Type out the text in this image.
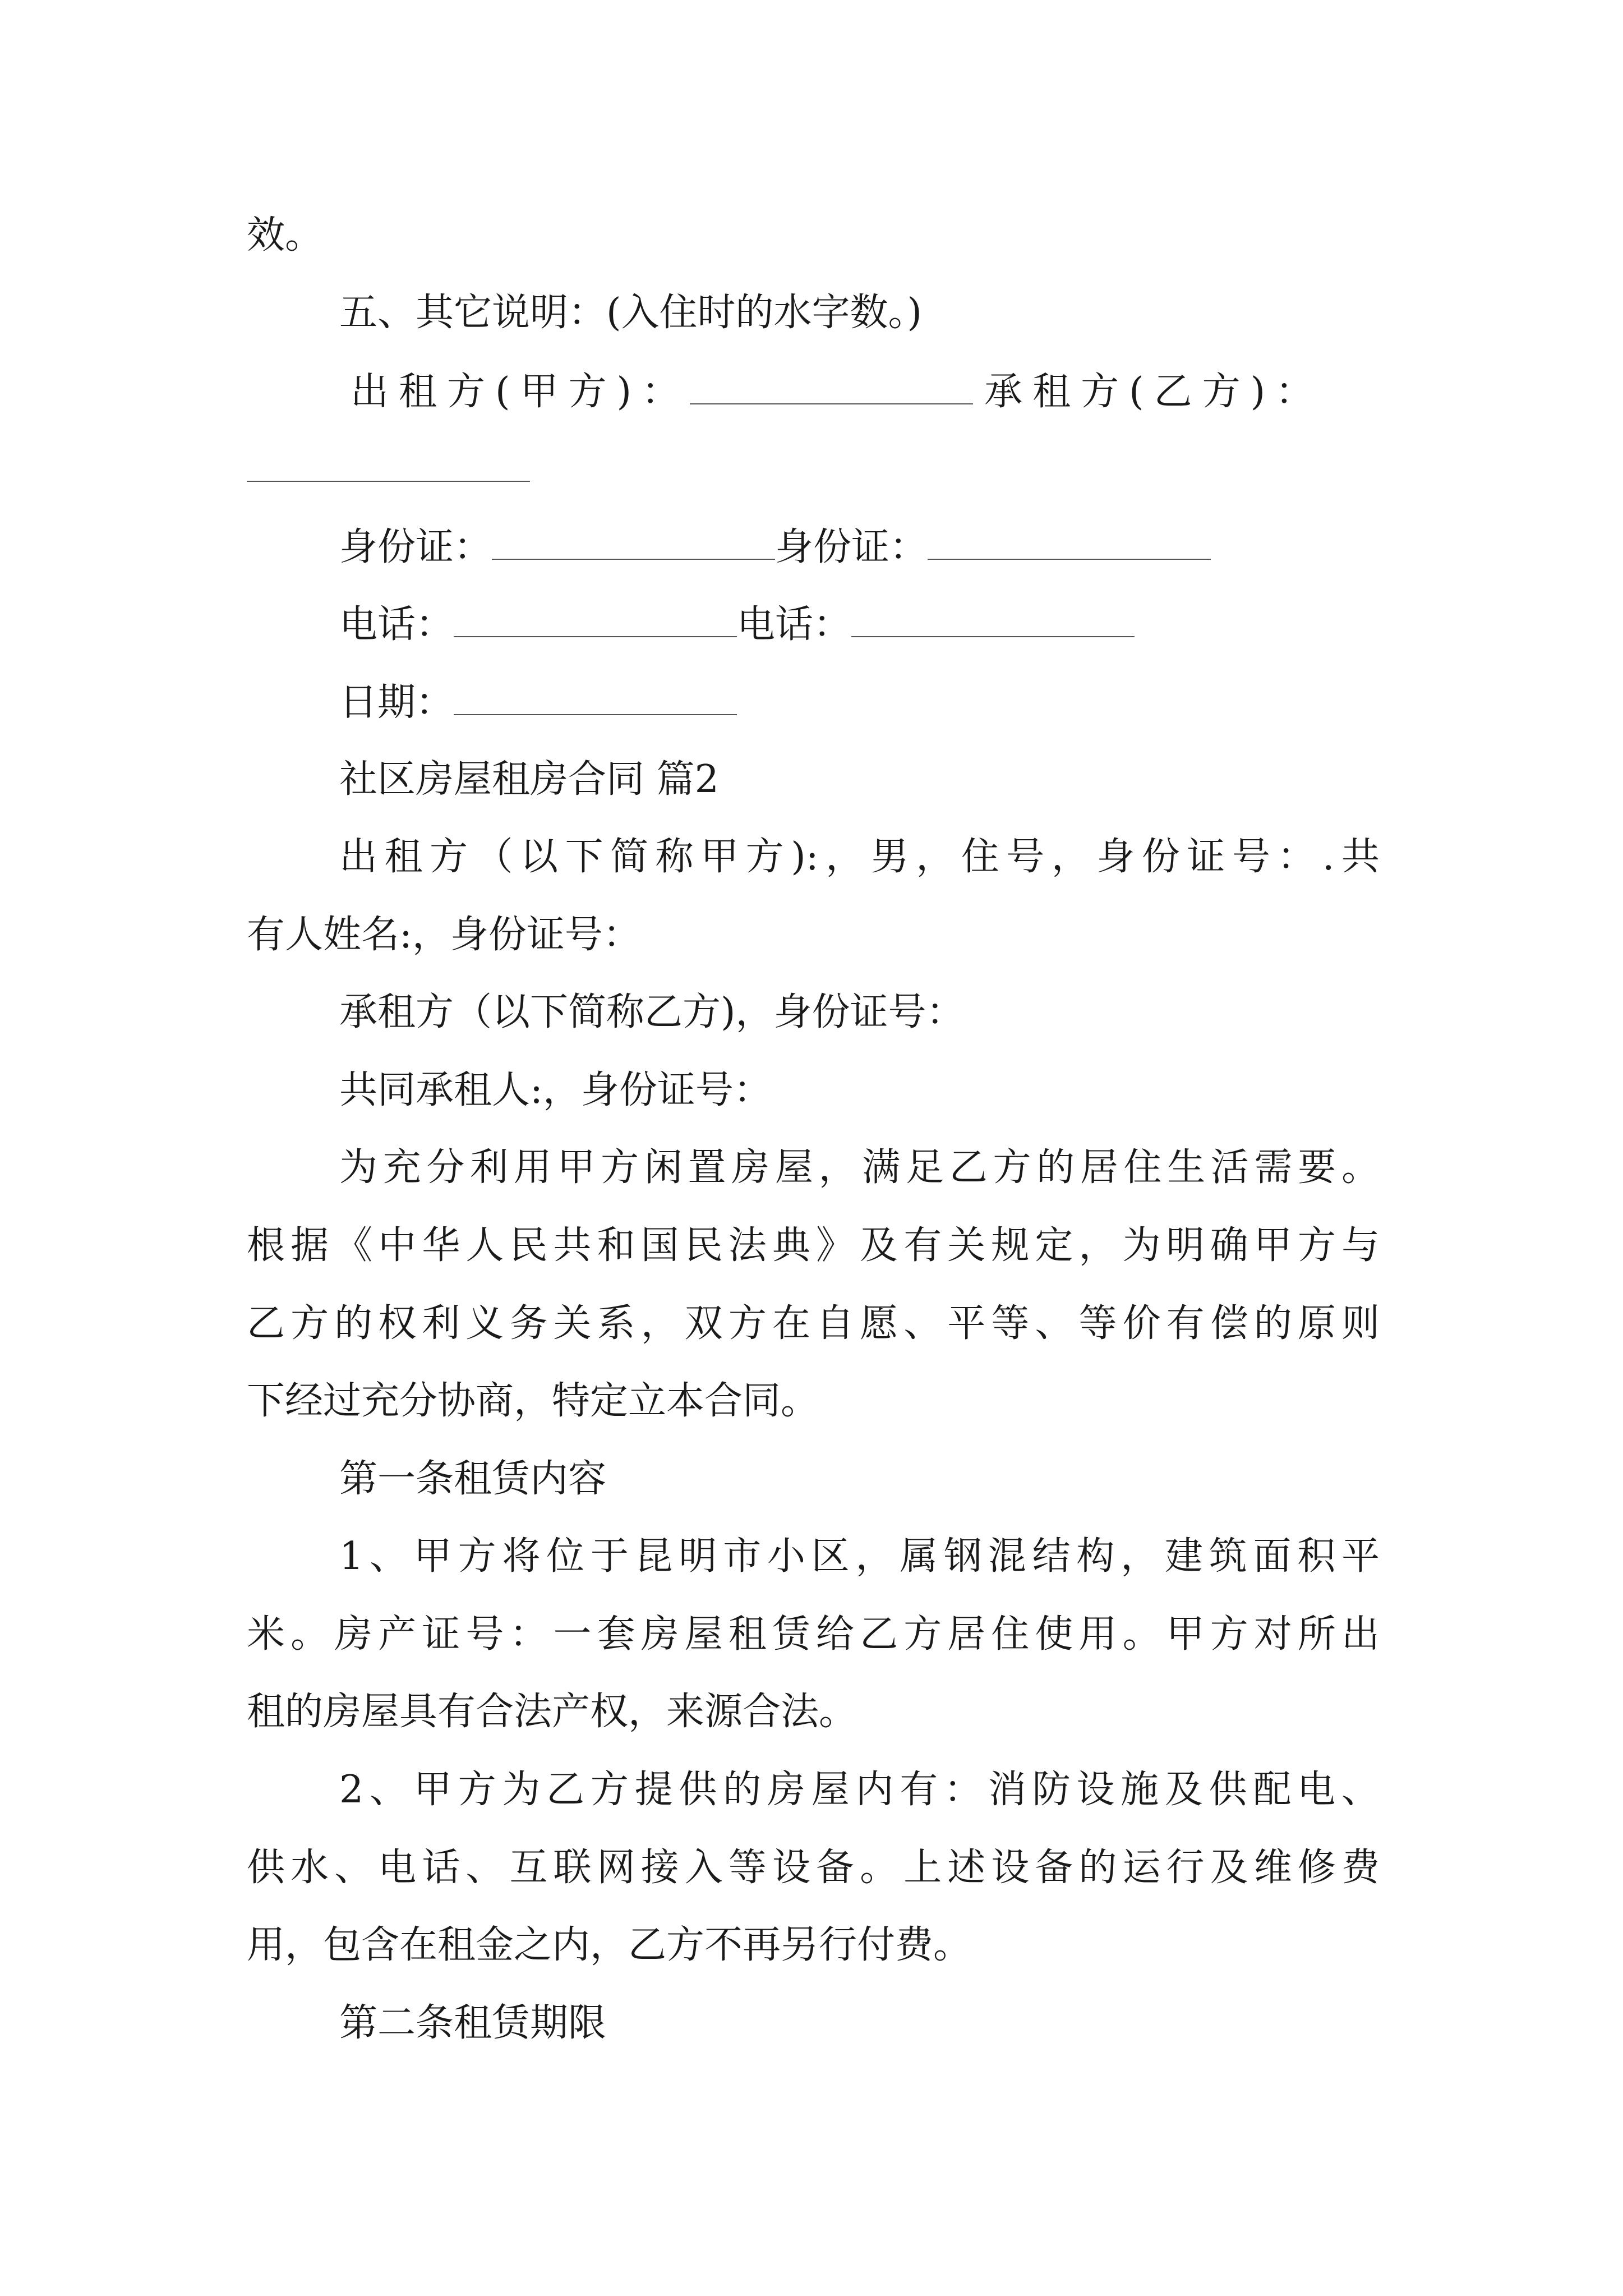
效。
五、其它说明：(入住时的水字数。)
出租方(甲方)：	承租方(乙方)：
身份证：	身份证：
电话：	电话：
日期：
社区房屋租房合同 篇2
出租方（以下简称甲方):，男，住号，身份证号：.共
有人姓名:，身份证号：
承租方（以下简称乙方)，身份证号：
共同承租人:，身份证号：
为充分利用甲方闲置房屋，满足乙方的居住生活需要。
根据《中华人民共和国民法典》及有关规定，为明确甲方与
乙方的权利义务关系，双方在自愿、平等、等价有偿的原则
下经过充分协商，特定立本合同。
第一条租赁内容
1、甲方将位于昆明市小区，属钢混结构，建筑面积平
米。房产证号：一套房屋租赁给乙方居住使用。甲方对所出
租的房屋具有合法产权，来源合法。
2、甲方为乙方提供的房屋内有：消防设施及供配电、
供水、电话、互联网接入等设备。上述设备的运行及维修费
用，包含在租金之内，乙方不再另行付费。
第二条租赁期限
